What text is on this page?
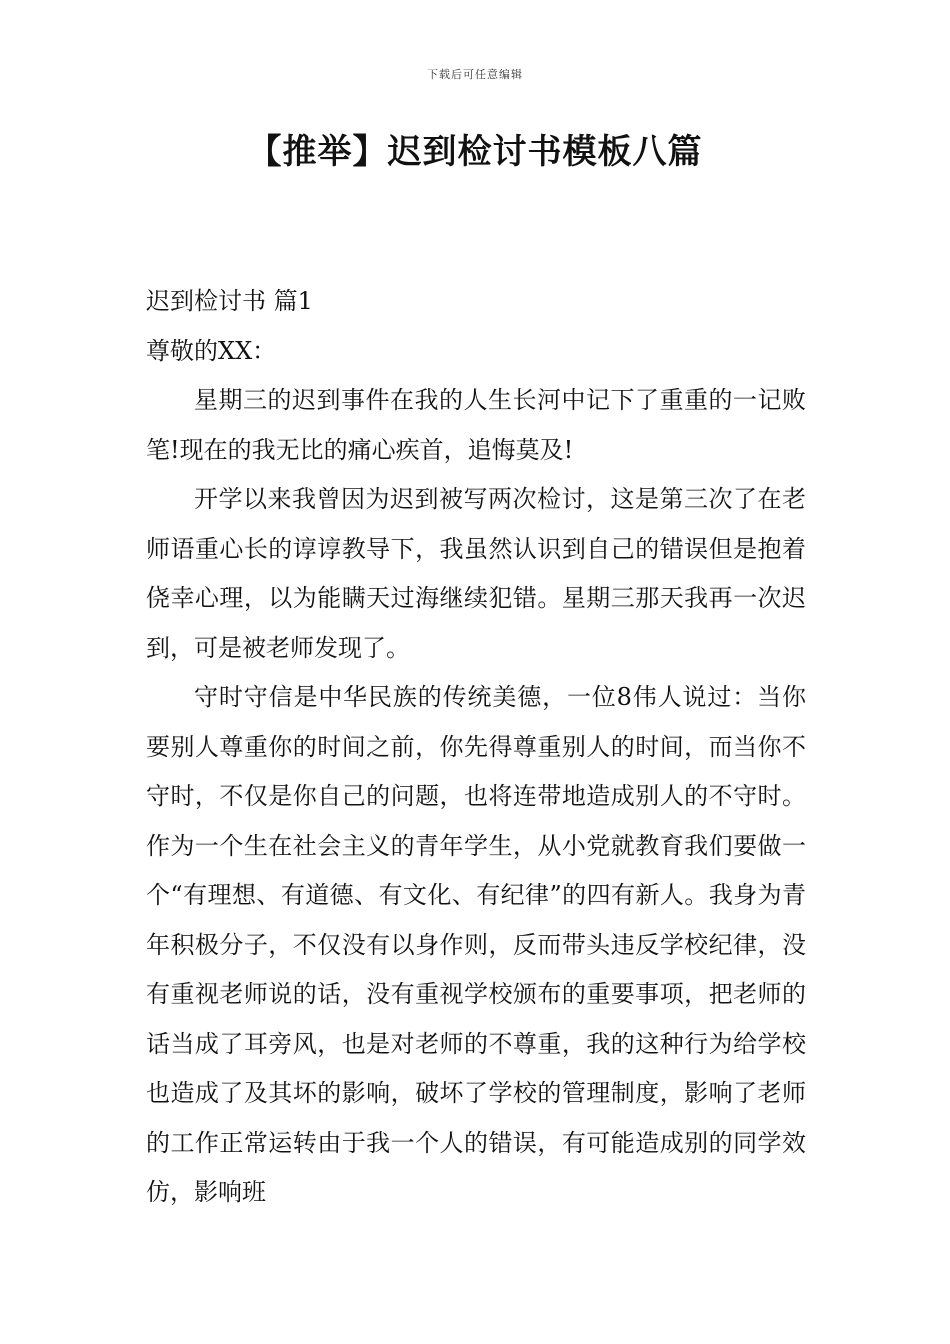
下载后可任意编辑
【推举】迟到检讨书模板八篇

迟到检讨书 篇1

尊敬的XX：

星期三的迟到事件在我的人生长河中记下了重重的一记败笔!现在的我无比的痛心疾首，追悔莫及!

开学以来我曾因为迟到被写两次检讨，这是第三次了在老师语重心长的谆谆教导下，我虽然认识到自己的错误但是抱着侥幸心理，以为能瞒天过海继续犯错。星期三那天我再一次迟到，可是被老师发现了。

守时守信是中华民族的传统美德，一位8伟人说过：当你要别人尊重你的时间之前，你先得尊重别人的时间，而当你不守时，不仅是你自己的问题，也将连带地造成别人的不守时。作为一个生在社会主义的青年学生，从小党就教育我们要做一个“有理想、有道德、有文化、有纪律”的四有新人。我身为青年积极分子，不仅没有以身作则，反而带头违反学校纪律，没有重视老师说的话，没有重视学校颁布的重要事项，把老师的话当成了耳旁风，也是对老师的不尊重，我的这种行为给学校也造成了及其坏的影响，破坏了学校的管理制度，影响了老师的工作正常运转由于我一个人的错误，有可能造成别的同学效仿，影响班
